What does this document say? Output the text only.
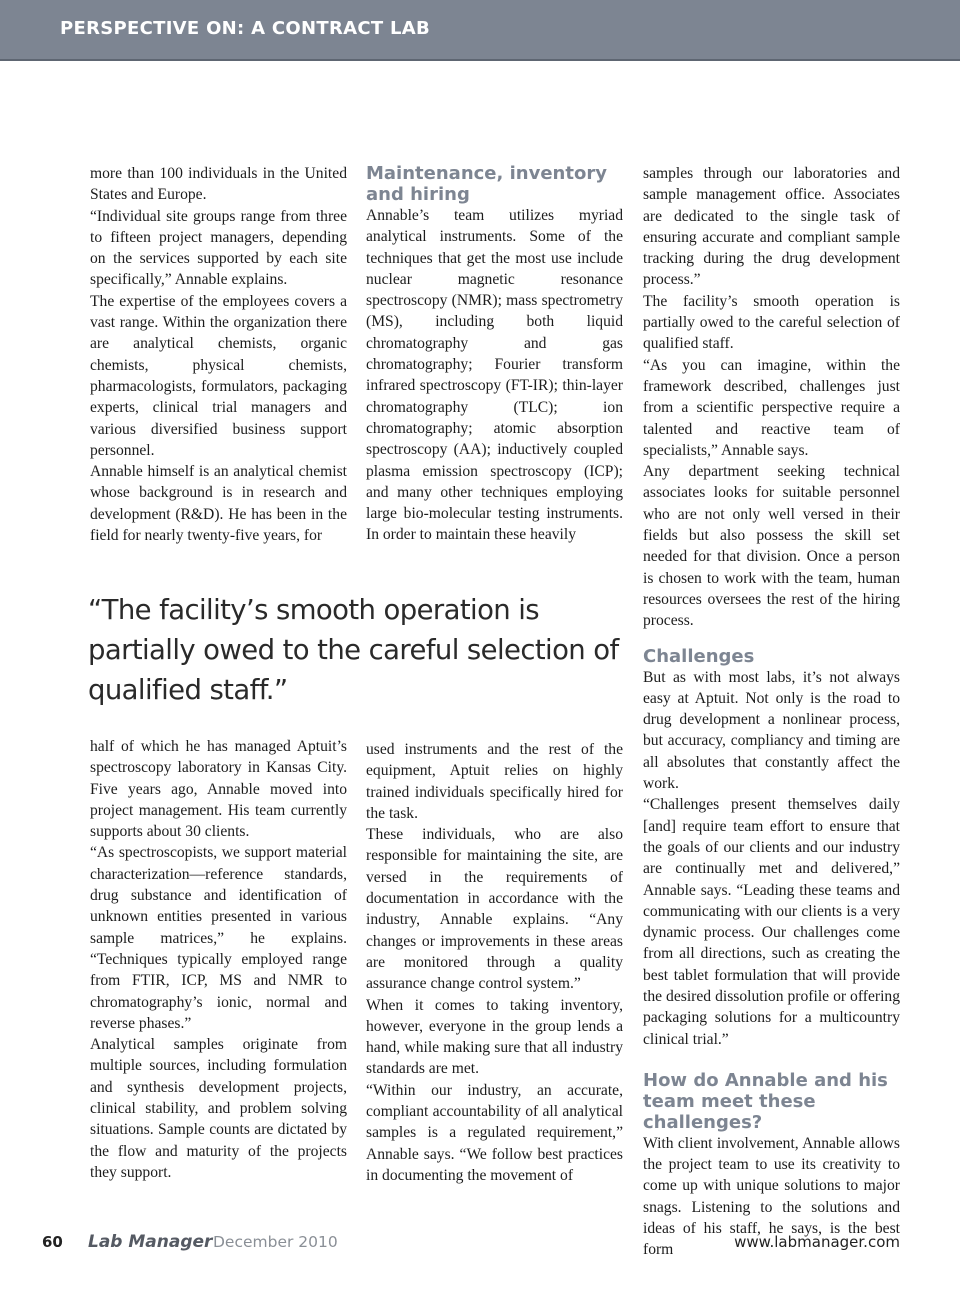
PERSPECTIVE ON: A CONTRACT LAB

more than 100 individuals in the United States and Europe.

“Individual site groups range from three to fifteen project managers, depending on the services supported by each site specifically,” Annable explains.

The expertise of the employees covers a vast range. Within the organization there are analytical chemists, organic chemists, physical chemists, pharmacologists, formulators, packaging experts, clinical trial managers and various diversified business support personnel.

Annable himself is an analytical chemist whose background is in research and development (R&D). He has been in the field for nearly twenty-five years, for

Maintenance, inventory and hiring

Annable’s team utilizes myriad analytical instruments. Some of the techniques that get the most use include nuclear magnetic resonance spectroscopy (NMR); mass spectrometry (MS), including both liquid chromatography and gas chromatography; Fourier transform infrared spectroscopy (FT-IR); thin-layer chromatography (TLC); ion chromatography; atomic absorption spectroscopy (AA); inductively coupled plasma emission spectroscopy (ICP); and many other techniques employing large bio-molecular testing instruments. In order to maintain these heavily

samples through our laboratories and sample management office. Associates are dedicated to the single task of ensuring accurate and compliant sample tracking during the drug development process.”

The facility’s smooth operation is partially owed to the careful selection of qualified staff.

“As you can imagine, within the framework described, challenges just from a scientific perspective require a talented and reactive team of specialists,” Annable says.

Any department seeking technical associates looks for suitable personnel who are not only well versed in their fields but also possess the skill set needed for that division. Once a person is chosen to work with the team, human resources oversees the rest of the hiring process.

Challenges

But as with most labs, it’s not always easy at Aptuit. Not only is the road to drug development a nonlinear process, but accuracy, compliancy and timing are all absolutes that constantly affect the work.

“Challenges present themselves daily [and] require team effort to ensure that the goals of our clients and our industry are continually met and delivered,” Annable says. “Leading these teams and communicating with our clients is a very dynamic process. Our challenges come from all directions, such as creating the best tablet formulation that will provide the desired dissolution profile or offering packaging solutions for a multicountry clinical trial.”

How do Annable and his team meet these challenges?

With client involvement, Annable allows the project team to use its creativity to come up with unique solutions to major snags. Listening to the solutions and ideas of his staff, he says, is the best form

“The facility’s smooth operation is partially owed to the careful selection of qualified staff.”

half of which he has managed Aptuit’s spectroscopy laboratory in Kansas City. Five years ago, Annable moved into project management. His team currently supports about 30 clients.

“As spectroscopists, we support material characterization—reference standards, drug substance and identification of unknown entities presented in various sample matrices,” he explains. “Techniques typically employed range from FTIR, ICP, MS and NMR to chromatography’s ionic, normal and reverse phases.”

Analytical samples originate from multiple sources, including formulation and synthesis development projects, clinical stability, and problem solving situations. Sample counts are dictated by the flow and maturity of the projects they support.

used instruments and the rest of the equipment, Aptuit relies on highly trained individuals specifically hired for the task.

These individuals, who are also responsible for maintaining the site, are versed in the requirements of documentation in accordance with the industry, Annable explains. “Any changes or improvements in these areas are monitored through a quality assurance change control system.”

When it comes to taking inventory, however, everyone in the group lends a hand, while making sure that all industry standards are met.

“Within our industry, an accurate, compliant accountability of all analytical samples is a regulated requirement,” Annable says. “We follow best practices in documenting the movement of

60 Lab Manager December 2010	www.labmanager.com
